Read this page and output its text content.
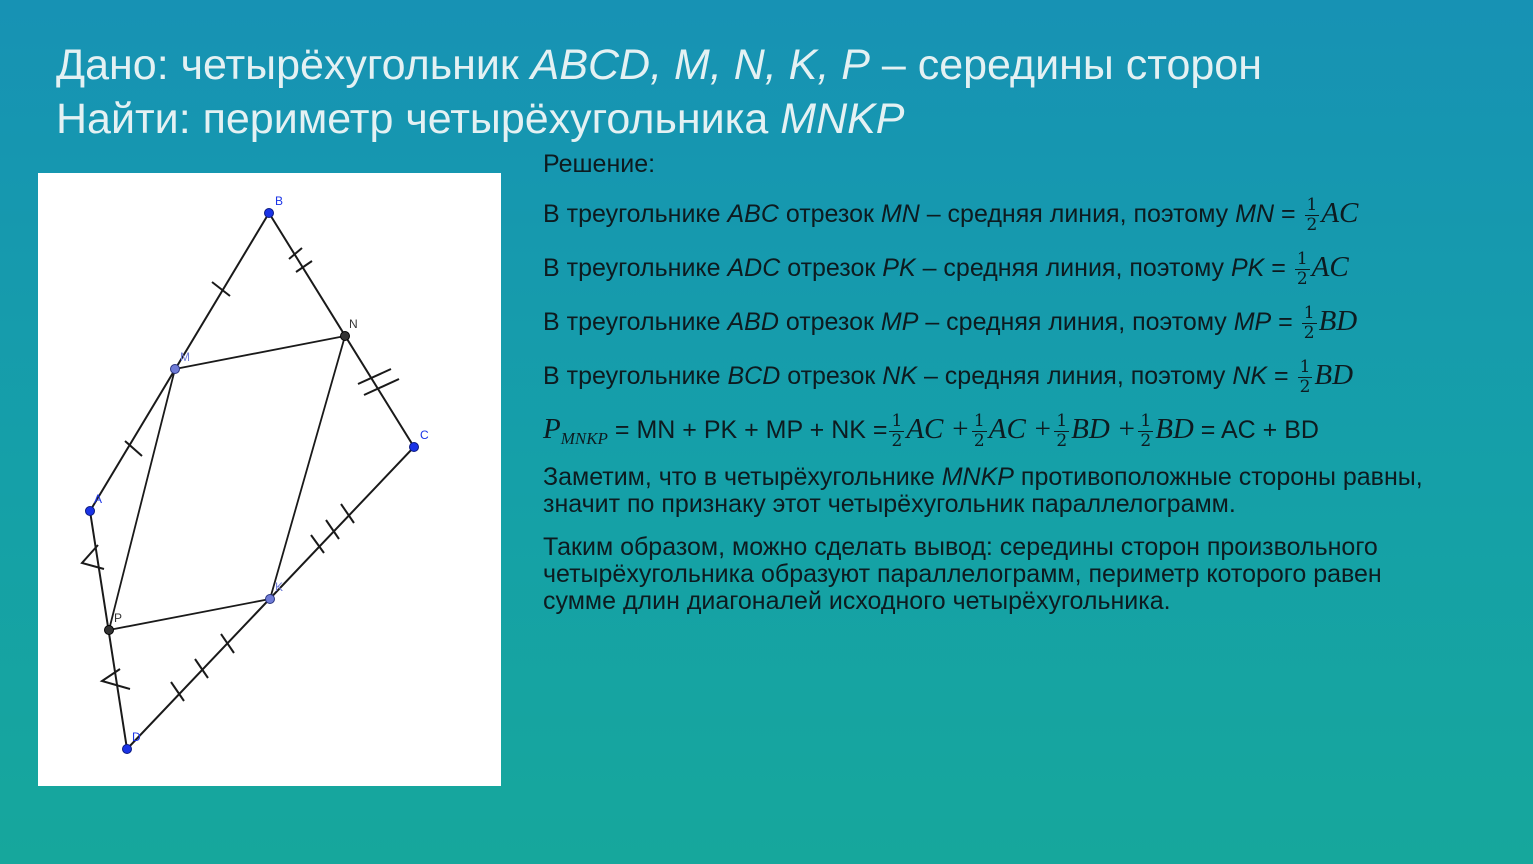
Дано: четырёхугольник ABCD, M, N, K, P – середины сторон
Найти: периметр четырёхугольника MNKP
A
B
C
D
M
N
K
P
Решение:
В треугольнике ABC отрезок MN – средняя линия, поэтому MN = $\frac{1}{2}$ AC
В треугольнике ADC отрезок PK – средняя линия, поэтому PK = $\frac{1}{2}$ AC
В треугольнике ABD отрезок MP – средняя линия, поэтому MP = $\frac{1}{2}$ BD
В треугольнике BCD отрезок NK – средняя линия, поэтому NK = $\frac{1}{2}$ BD
$P_{MNKP}$ = MN + PK + MP + NK = $\frac{1}{2}$ AC + $\frac{1}{2}$ AC + $\frac{1}{2}$ BD + $\frac{1}{2}$ BD = AC + BD
Заметим, что в четырёхугольнике MNKP противоположные стороны равны, значит по признаку этот четырёхугольник параллелограмм.
Таким образом, можно сделать вывод: середины сторон произвольного четырёхугольника образуют параллелограмм, периметр которого равен сумме длин диагоналей исходного четырёхугольника.
